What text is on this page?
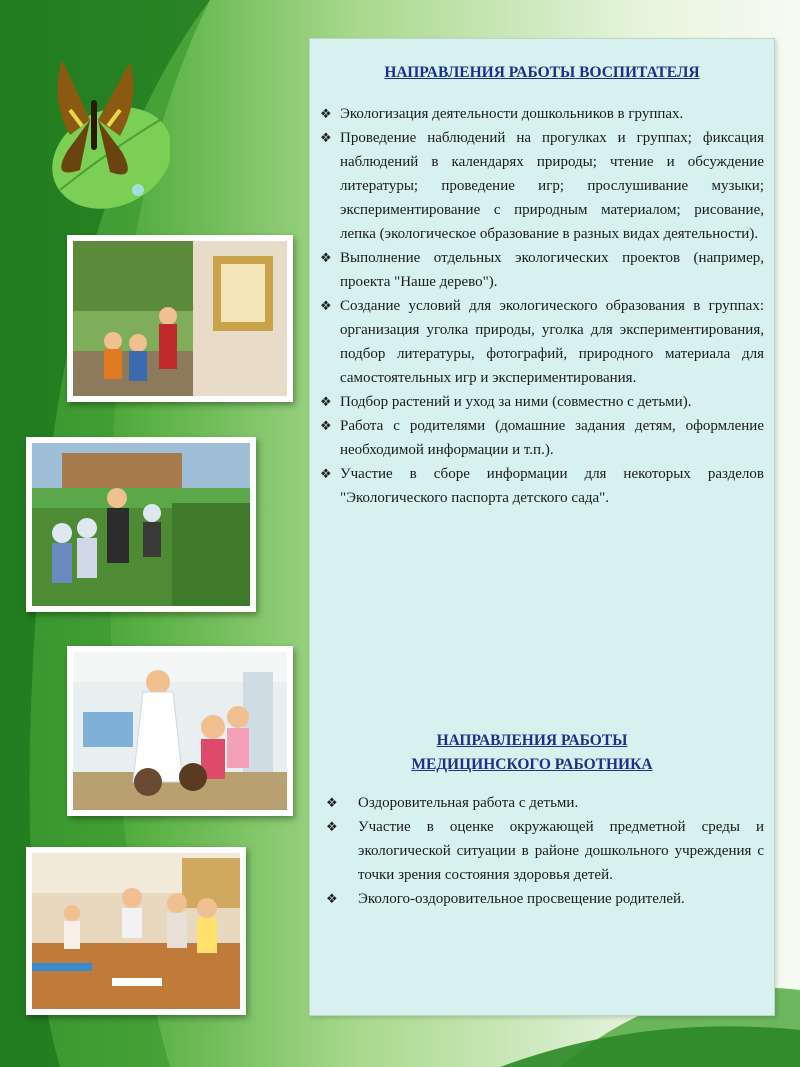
НАПРАВЛЕНИЯ РАБОТЫ ВОСПИТАТЕЛЯ

❖ Экологизация деятельности дошкольников в группах.
❖ Проведение наблюдений на прогулках и группах; фиксация наблюдений в календарях природы; чтение и обсуждение литературы; проведение игр; прослушивание музыки; экспериментирование с природным материалом; рисование, лепка (экологическое образование в разных видах деятельности).
❖ Выполнение отдельных экологических проектов (например, проекта "Наше дерево").
❖ Создание условий для экологического образования в группах: организация уголка природы, уголка для экспериментирования, подбор литературы, фотографий, природного материала для самостоятельных игр и экспериментирования.
❖ Подбор растений и уход за ними (совместно с детьми).
❖ Работа с родителями (домашние задания детям, оформление необходимой информации и т.п.).
❖ Участие в сборе информации для некоторых разделов "Экологического паспорта детского сада".
НАПРАВЛЕНИЯ РАБОТЫ
МЕДИЦИНСКОГО РАБОТНИКА
❖ Оздоровительная работа с детьми.
❖ Участие в оценке окружающей предметной среды и экологической ситуации в районе дошкольного учреждения с точки зрения состояния здоровья детей.
❖ Эколого-оздоровительное просвещение родителей.
